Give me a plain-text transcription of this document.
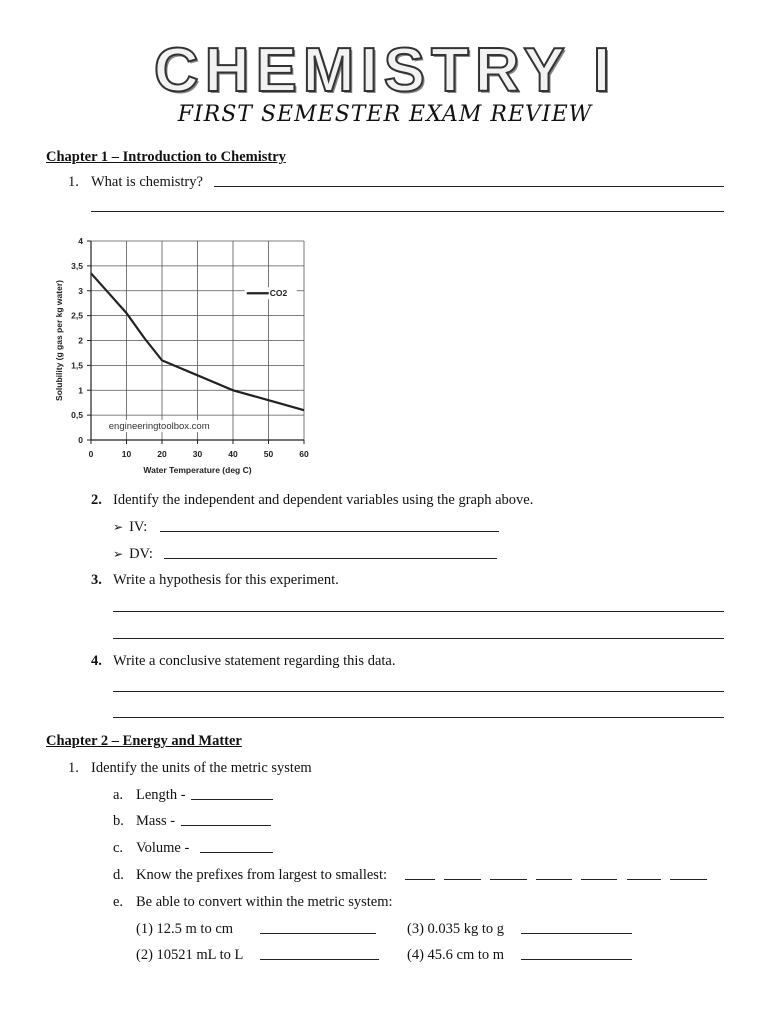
CHEMISTRY I
FIRST SEMESTER EXAM REVIEW
Chapter 1 – Introduction to Chemistry
1. What is chemistry?
CO2
0	10	20	30	40	50	60
0
0,5
1
1,5
2
2,5
3
3,5
4
engineeringtoolbox.com
Water Temperature (deg C)
Solubility (g gas per kg water)
2. Identify the independent and dependent variables using the graph above.
➢ IV:
➢ DV:
3. Write a hypothesis for this experiment.
4. Write a conclusive statement regarding this data.
Chapter 2 – Energy and Matter
1. Identify the units of the metric system
a. Length -
b. Mass -
c. Volume -
d. Know the prefixes from largest to smallest:
e. Be able to convert within the metric system:
(1) 12.5 m to cm	(3) 0.035 kg to g
(2) 10521 mL to L	(4) 45.6 cm to m
